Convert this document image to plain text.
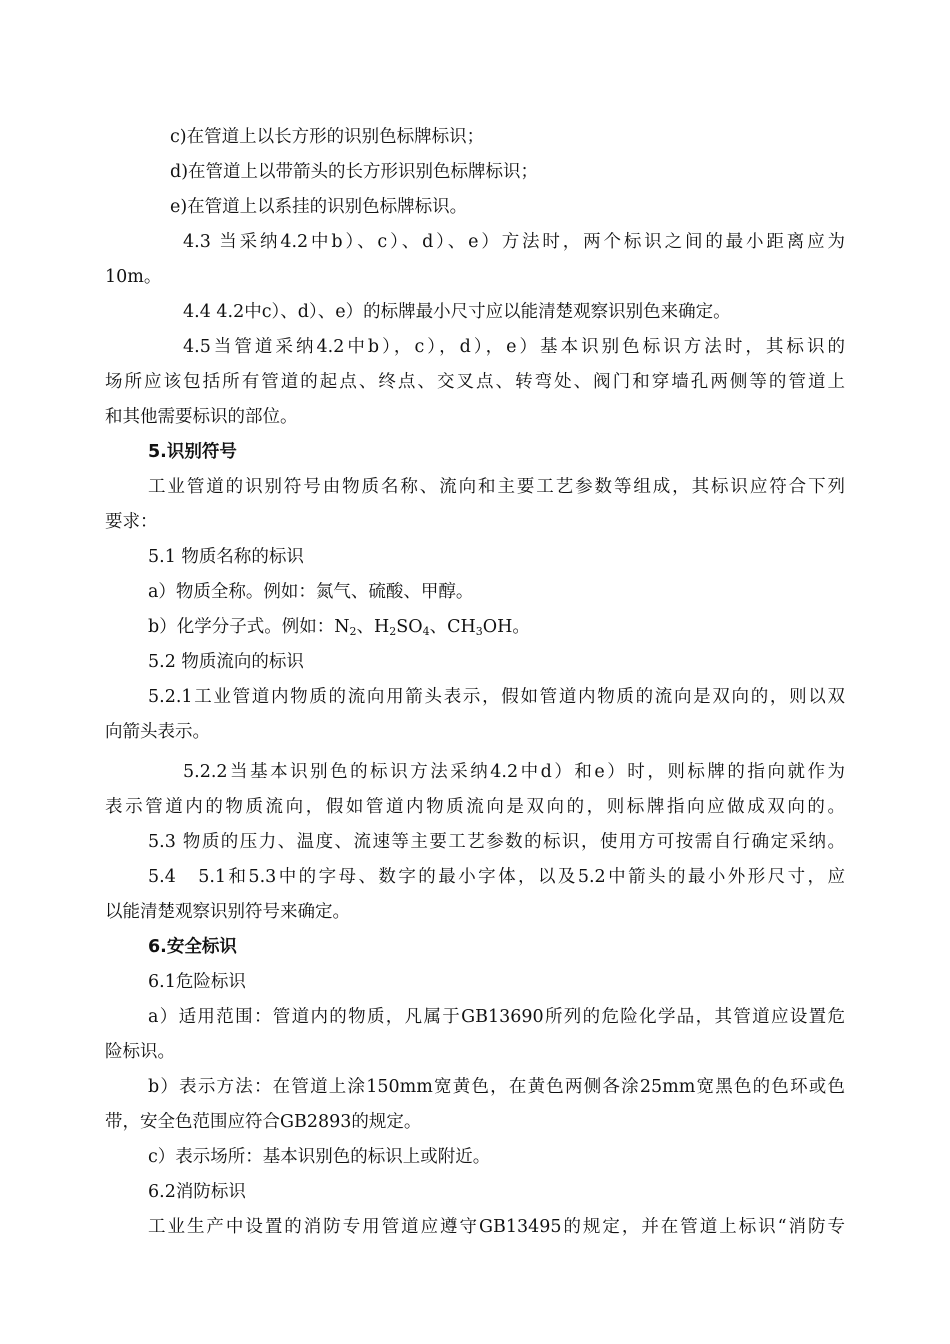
c)在管道上以长方形的识别色标牌标识；
d)在管道上以带箭头的长方形识别色标牌标识；
e)在管道上以系挂的识别色标牌标识。
4.3 当采纳4.2中b）、c）、d）、e）方法时，两个标识之间的最小距离应为
10m。
4.4 4.2中c）、d）、e）的标牌最小尺寸应以能清楚观察识别色来确定。
4.5当管道采纳4.2中b），c），d），e）基本识别色标识方法时，其标识的
场所应该包括所有管道的起点、终点、交叉点、转弯处、阀门和穿墙孔两侧等的管道上
和其他需要标识的部位。
5.识别符号
工业管道的识别符号由物质名称、流向和主要工艺参数等组成，其标识应符合下列
要求：
5.1 物质名称的标识
a）物质全称。例如：氮气、硫酸、甲醇。
b）化学分子式。例如：$N_2$、$H_2SO_4$、$CH_3OH$。
5.2 物质流向的标识
5.2.1工业管道内物质的流向用箭头表示，假如管道内物质的流向是双向的，则以双
向箭头表示。
5.2.2当基本识别色的标识方法采纳4.2中d）和e）时，则标牌的指向就作为
表示管道内的物质流向，假如管道内物质流向是双向的，则标牌指向应做成双向的。
5.3 物质的压力、温度、流速等主要工艺参数的标识，使用方可按需自行确定采纳。
5.4　5.1和5.3中的字母、数字的最小字体，以及5.2中箭头的最小外形尺寸，应
以能清楚观察识别符号来确定。
6.安全标识
6.1危险标识
a）适用范围：管道内的物质，凡属于GB13690所列的危险化学品，其管道应设置危
险标识。
b）表示方法：在管道上涂150mm宽黄色，在黄色两侧各涂25mm宽黑色的色环或色
带，安全色范围应符合GB2893的规定。
c）表示场所：基本识别色的标识上或附近。
6.2消防标识
工业生产中设置的消防专用管道应遵守GB13495的规定，并在管道上标识“消防专
